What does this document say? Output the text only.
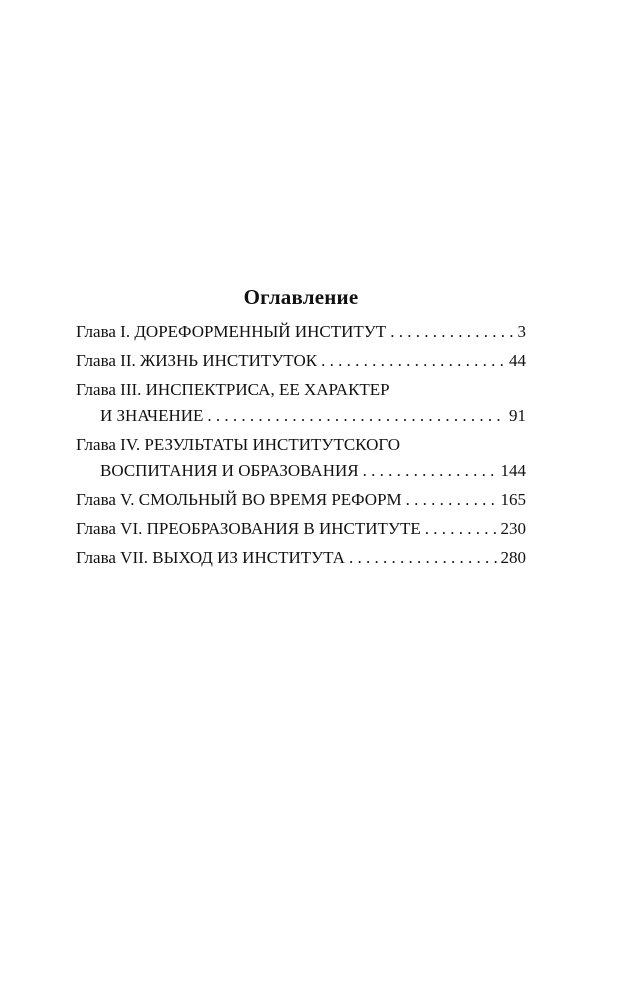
Оглавление
Глава I. ДОРЕФОРМЕННЫЙ ИНСТИТУТ . . .	3
Глава II. ЖИЗНЬ ИНСТИТУТОК . . .	44
Глава III. ИНСПЕКТРИСА, ЕЕ ХАРАКТЕР
И ЗНАЧЕНИЕ . . .	91
Глава IV. РЕЗУЛЬТАТЫ ИНСТИТУТСКОГО
ВОСПИТАНИЯ И ОБРАЗОВАНИЯ . . .	144
Глава V. СМОЛЬНЫЙ ВО ВРЕМЯ РЕФОРМ . . .	165
Глава VI. ПРЕОБРАЗОВАНИЯ В ИНСТИТУТЕ . . .	230
Глава VII. ВЫХОД ИЗ ИНСТИТУТА . . .	280
